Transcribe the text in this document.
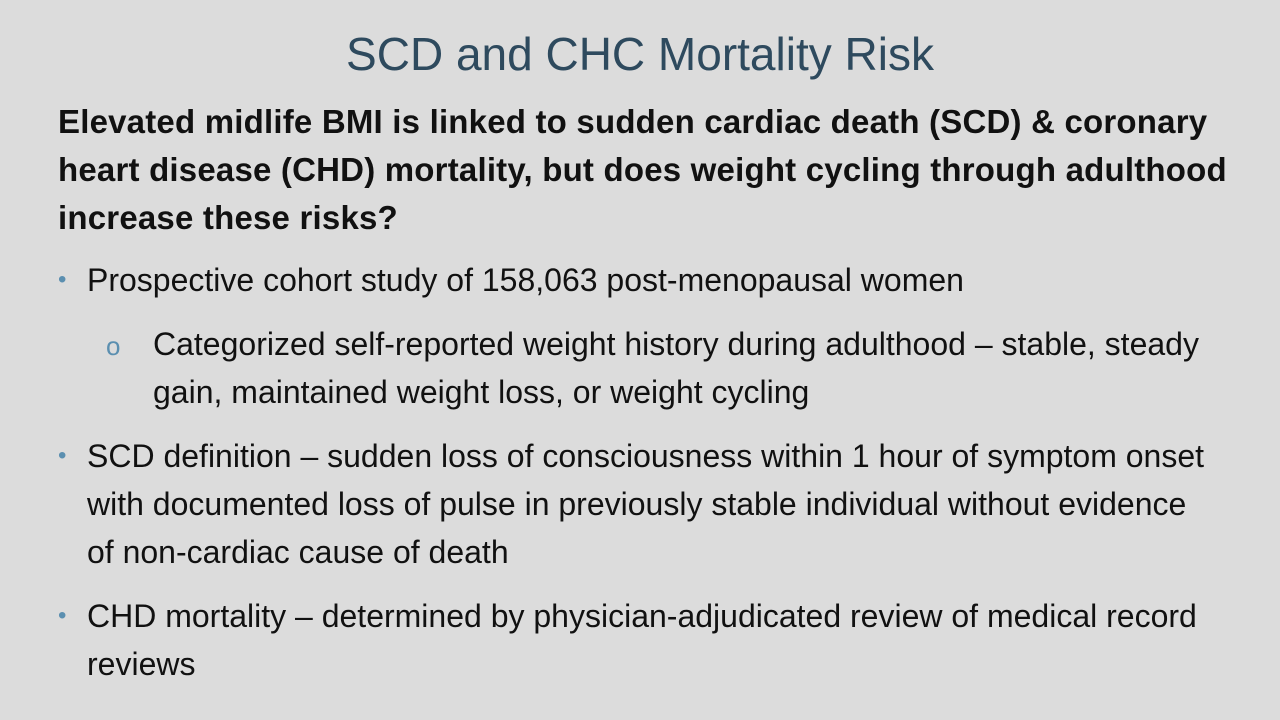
SCD and CHC Mortality Risk
Elevated midlife BMI is linked to sudden cardiac death (SCD) & coronary heart disease (CHD) mortality, but does weight cycling through adulthood increase these risks?
• Prospective cohort study of 158,063 post-menopausal women
o Categorized self-reported weight history during adulthood – stable, steady gain, maintained weight loss, or weight cycling
• SCD definition – sudden loss of consciousness within 1 hour of symptom onset with documented loss of pulse in previously stable individual without evidence of non-cardiac cause of death
• CHD mortality – determined by physician-adjudicated review of medical record reviews
